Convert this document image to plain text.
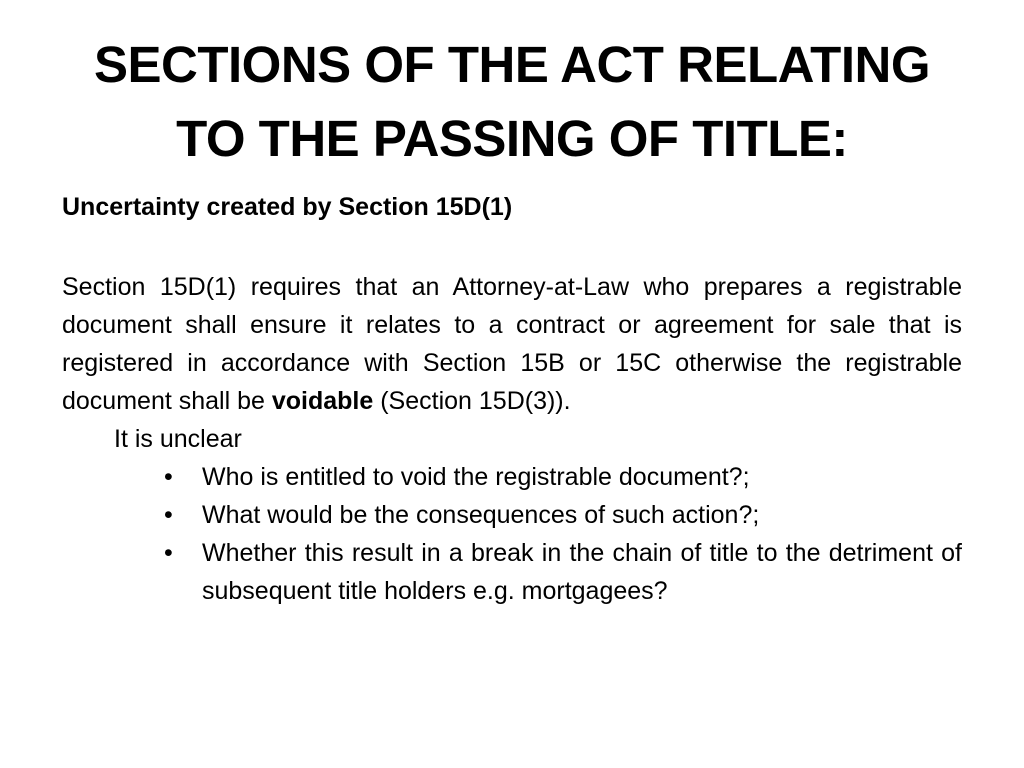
SECTIONS OF THE ACT RELATING TO THE PASSING OF TITLE:

Uncertainty created by Section 15D(1)

Section 15D(1) requires that an Attorney-at-Law who prepares a registrable document shall ensure it relates to a contract or agreement for sale that is registered in accordance with Section 15B or 15C otherwise the registrable document shall be voidable (Section 15D(3)).

It is unclear

• Who is entitled to void the registrable document?;
• What would be the consequences of such action?;
• Whether this result in a break in the chain of title to the detriment of subsequent title holders e.g. mortgagees?
